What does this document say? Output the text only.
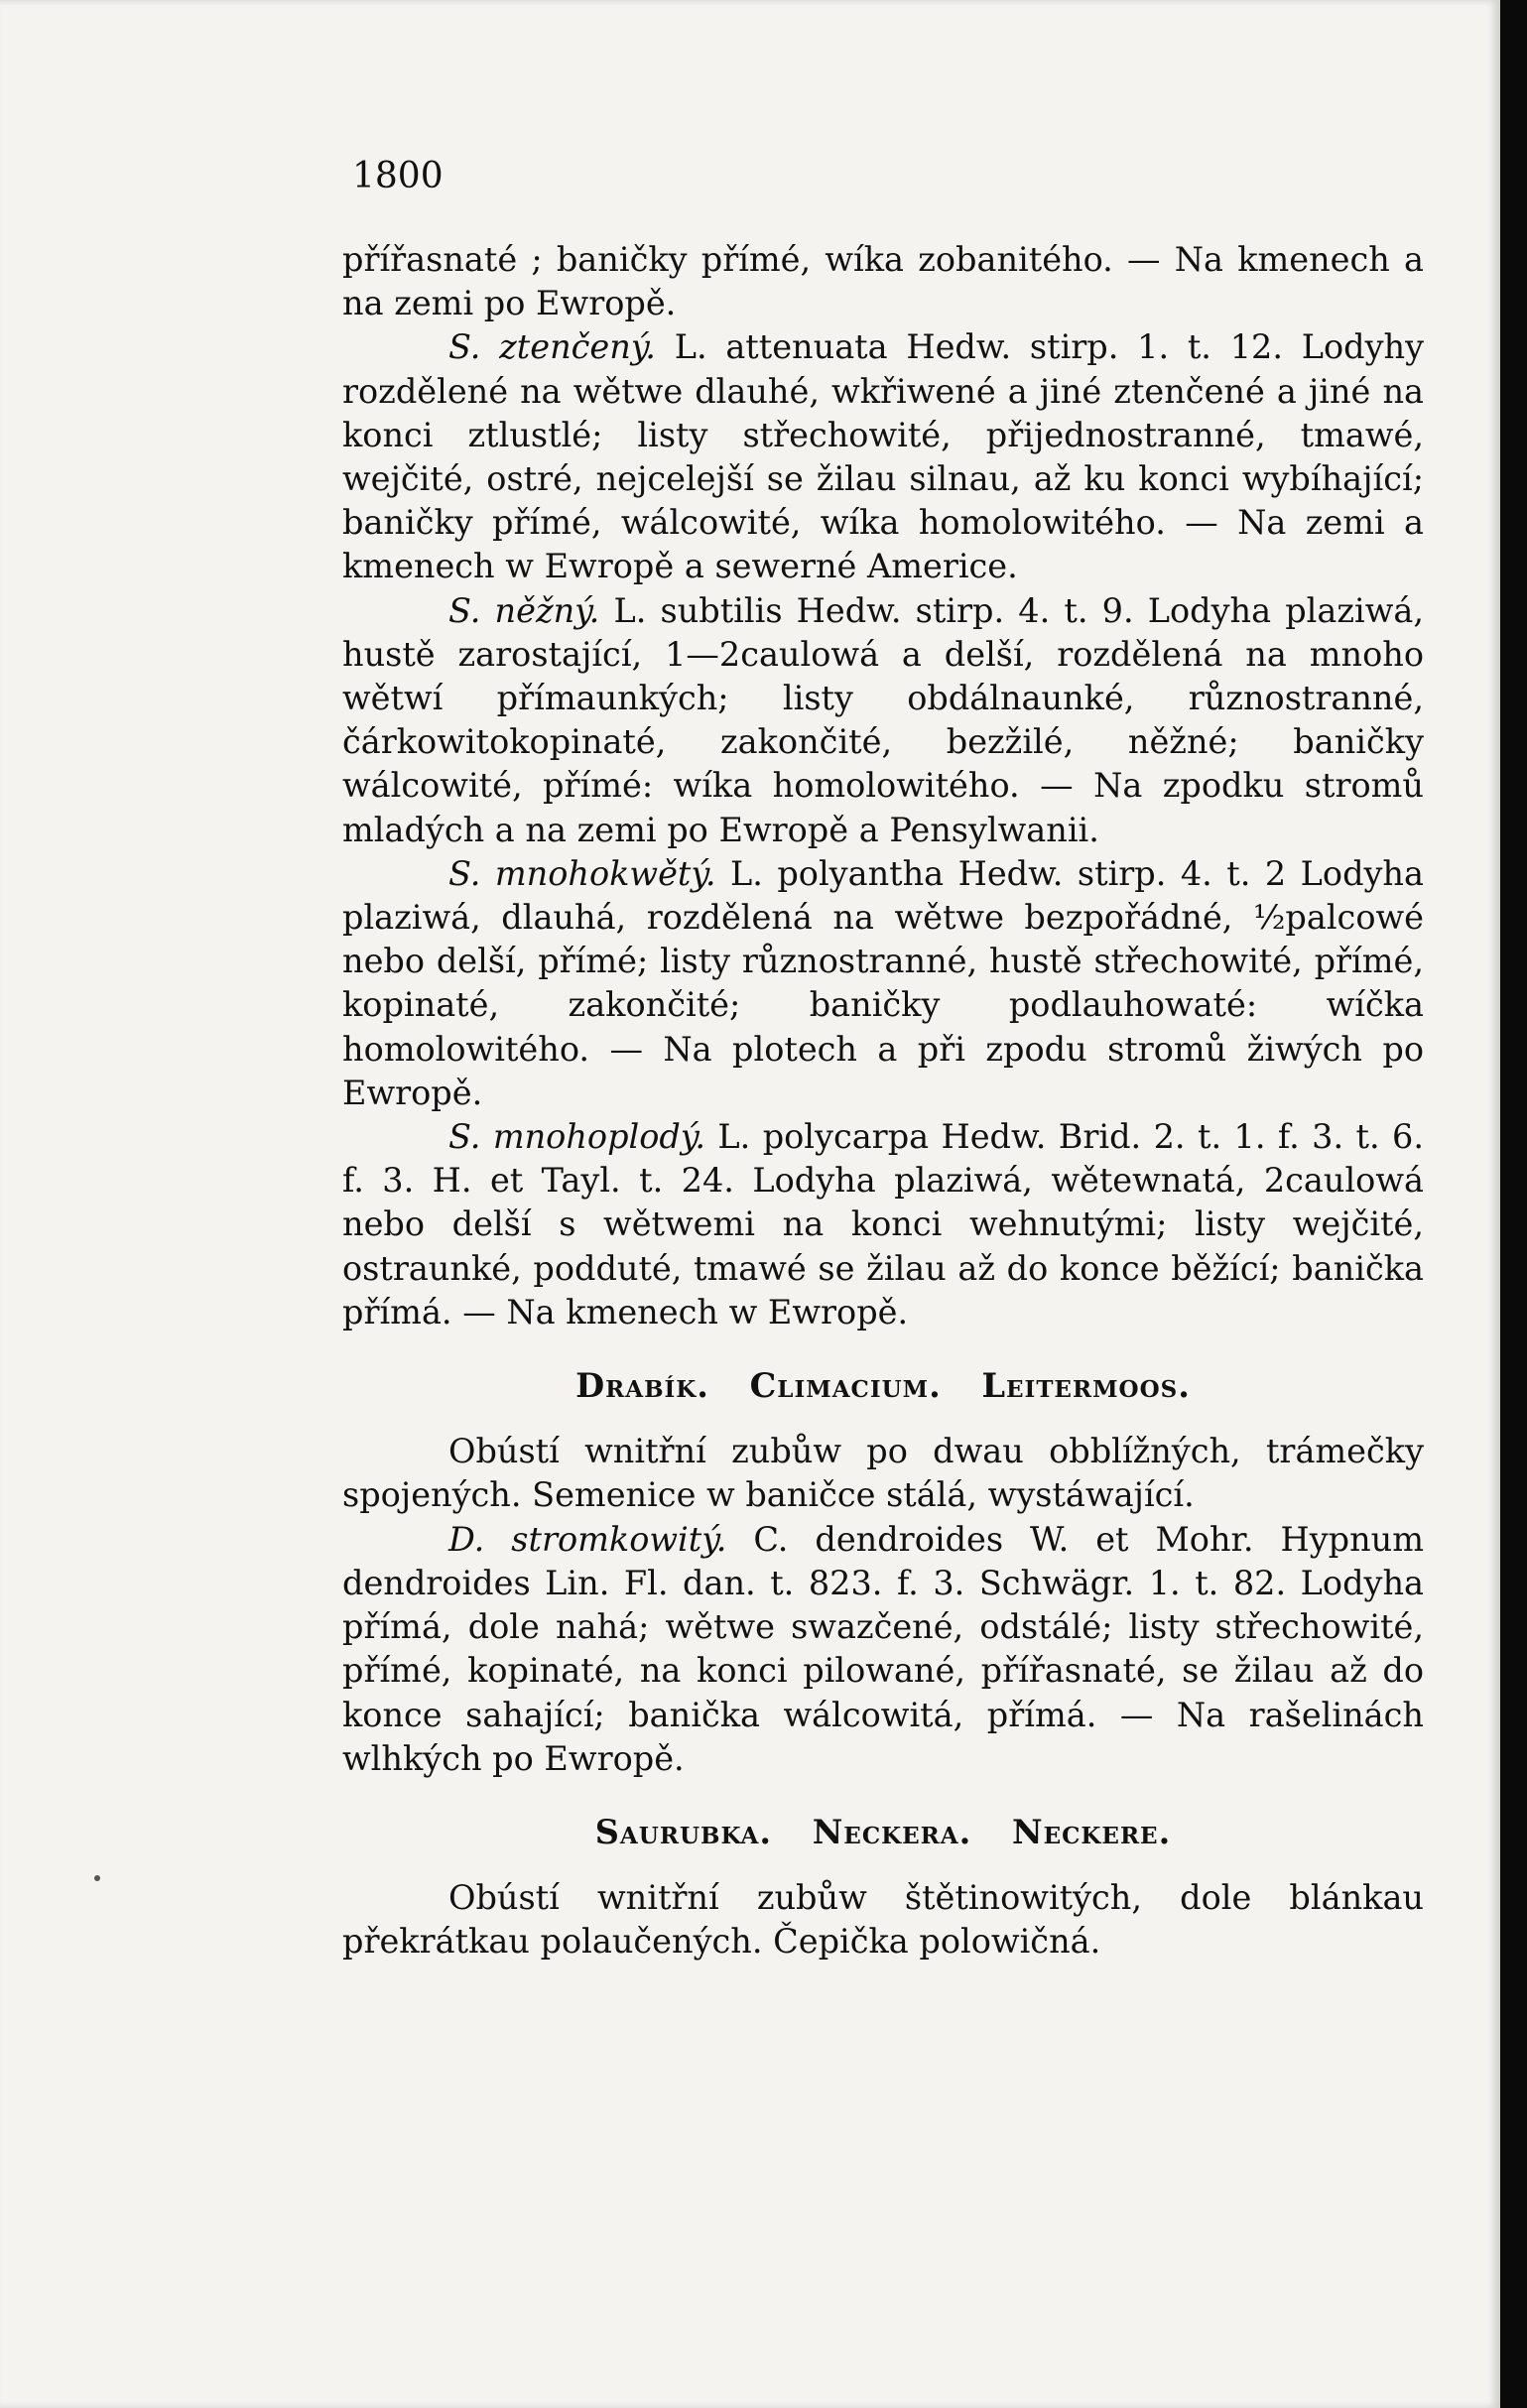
1800

přířasnaté ; baničky přímé, wíka zobanitého. — Na kmenech a na zemi po Ewropě.

S. ztenčený. L. attenuata Hedw. stirp. 1. t. 12. Lodyhy rozdělené na wětwe dlauhé, wkřiwené a jiné ztenčené a jiné na konci ztlustlé; listy střechowité, přijednostranné, tmawé, wejčité, ostré, nejcelejší se žilau silnau, až ku konci wybíhající; baničky přímé, wálcowité, wíka homolowitého. — Na zemi a kmenech w Ewropě a sewerné Americe.

S. něžný. L. subtilis Hedw. stirp. 4. t. 9. Lodyha plaziwá, hustě zarostající, 1—2caulowá a delší, rozdělená na mnoho wětwí přímaunkých; listy obdálnaunké, různostranné, čárkowitokopinaté, zakončité, bezžilé, něžné; baničky wálcowité, přímé: wíka homolowitého. — Na zpodku stromů mladých a na zemi po Ewropě a Pensylwanii.

S. mnohokwětý. L. polyantha Hedw. stirp. 4. t. 2 Lodyha plaziwá, dlauhá, rozdělená na wětwe bezpořádné, ½palcowé nebo delší, přímé; listy různostranné, hustě střechowité, přímé, kopinaté, zakončité; baničky podlauhowaté: wíčka homolowitého. — Na plotech a při zpodu stromů žiwých po Ewropě.

S. mnohoplodý. L. polycarpa Hedw. Brid. 2. t. 1. f. 3. t. 6. f. 3. H. et Tayl. t. 24. Lodyha plaziwá, wětewnatá, 2caulowá nebo delší s wětwemi na konci wehnutými; listy wejčité, ostraunké, podduté, tmawé se žilau až do konce běžící; banička přímá. — Na kmenech w Ewropě.

Drabík. Climacium. Leitermoos.

Obústí wnitřní zubůw po dwau obblížných, trámečky spojených. Semenice w baničce stálá, wystáwající.

D. stromkowitý. C. dendroides W. et Mohr. Hypnum dendroides Lin. Fl. dan. t. 823. f. 3. Schwägr. 1. t. 82. Lodyha přímá, dole nahá; wětwe swazčené, odstálé; listy střechowité, přímé, kopinaté, na konci pilowané, přířasnaté, se žilau až do konce sahající; banička wálcowitá, přímá. — Na rašelinách wlhkých po Ewropě.

Saurubka. Neckera. Neckere.

Obústí wnitřní zubůw štětinowitých, dole blánkau překrátkau polaučených. Čepička polowičná.
